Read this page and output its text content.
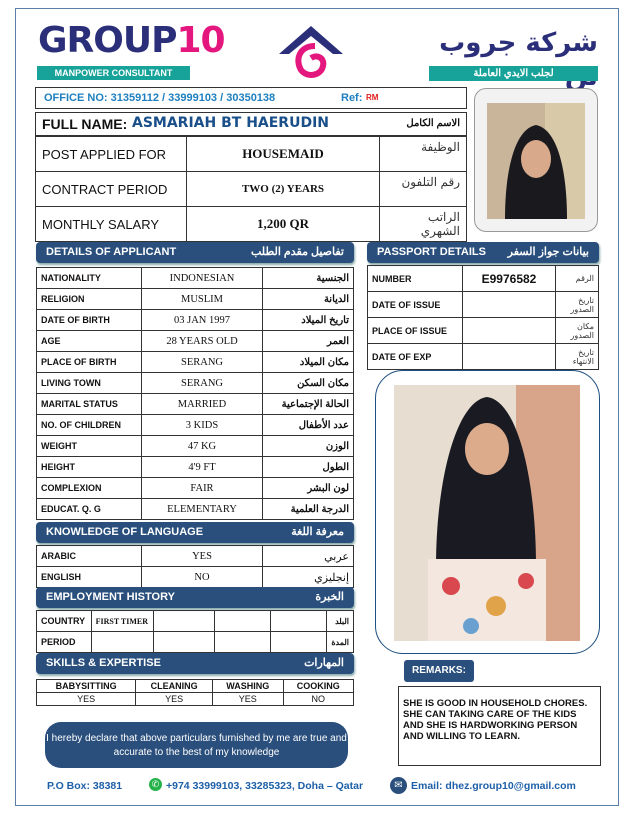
GROUP10
MANPOWER CONSULTANT
شركة جروب
لجلب الايدي العاملة
OFFICE NO: 31359112 / 33999103 / 30350138	Ref: RM
FULL NAME: ASMARIAH BT HAERUDIN	الاسم الكامل
POST APPLIED FOR	HOUSEMAID	الوظيفة
CONTRACT PERIOD	TWO (2) YEARS	رقم التلفون
MONTHLY SALARY	1,200 QR	الراتب الشهري
DETAILS OF APPLICANT	تفاصيل مقدم الطلب
NATIONALITY	INDONESIAN	الجنسية
RELIGION	MUSLIM	الديانة
DATE OF BIRTH	03 JAN 1997	تاريخ الميلاد
AGE	28 YEARS OLD	العمر
PLACE OF BIRTH	SERANG	مكان الميلاد
LIVING TOWN	SERANG	مكان السكن
MARITAL STATUS	MARRIED	الحالة الإجتماعية
NO. OF CHILDREN	3 KIDS	عدد الأطفال
WEIGHT	47 KG	الوزن
HEIGHT	4'9 FT	الطول
COMPLEXION	FAIR	لون البشر
EDUCAT. Q. G	ELEMENTARY	الدرجة العلمية
PASSPORT DETAILS بيانات جواز السفر
NUMBER	E9976582	الرقم
DATE OF ISSUE		تاريخ الصدور
PLACE OF ISSUE		مكان الصدور
DATE OF EXP		تاريخ الانتهاء
KNOWLEDGE OF LANGUAGE	معرفة اللغة
ARABIC	YES	عربي
ENGLISH	NO	إنجليزي
EMPLOYMENT HISTORY	الخبرة
COUNTRY	FIRST TIMER				البلد
PERIOD					المدة
SKILLS & EXPERTISE	المهارات
BABYSITTING	CLEANING	WASHING	COOKING
YES	YES	YES	NO
REMARKS:
SHE IS GOOD IN HOUSEHOLD CHORES. SHE CAN TAKING CARE OF THE KIDS AND SHE IS HARDWORKING PERSON AND WILLING TO LEARN.
I hereby declare that above particulars furnished by me are true and accurate to the best of my knowledge
P.O Box: 38381	✆ +974 33999103, 33285323, Doha – Qatar	✉ Email: dhez.group10@gmail.com
